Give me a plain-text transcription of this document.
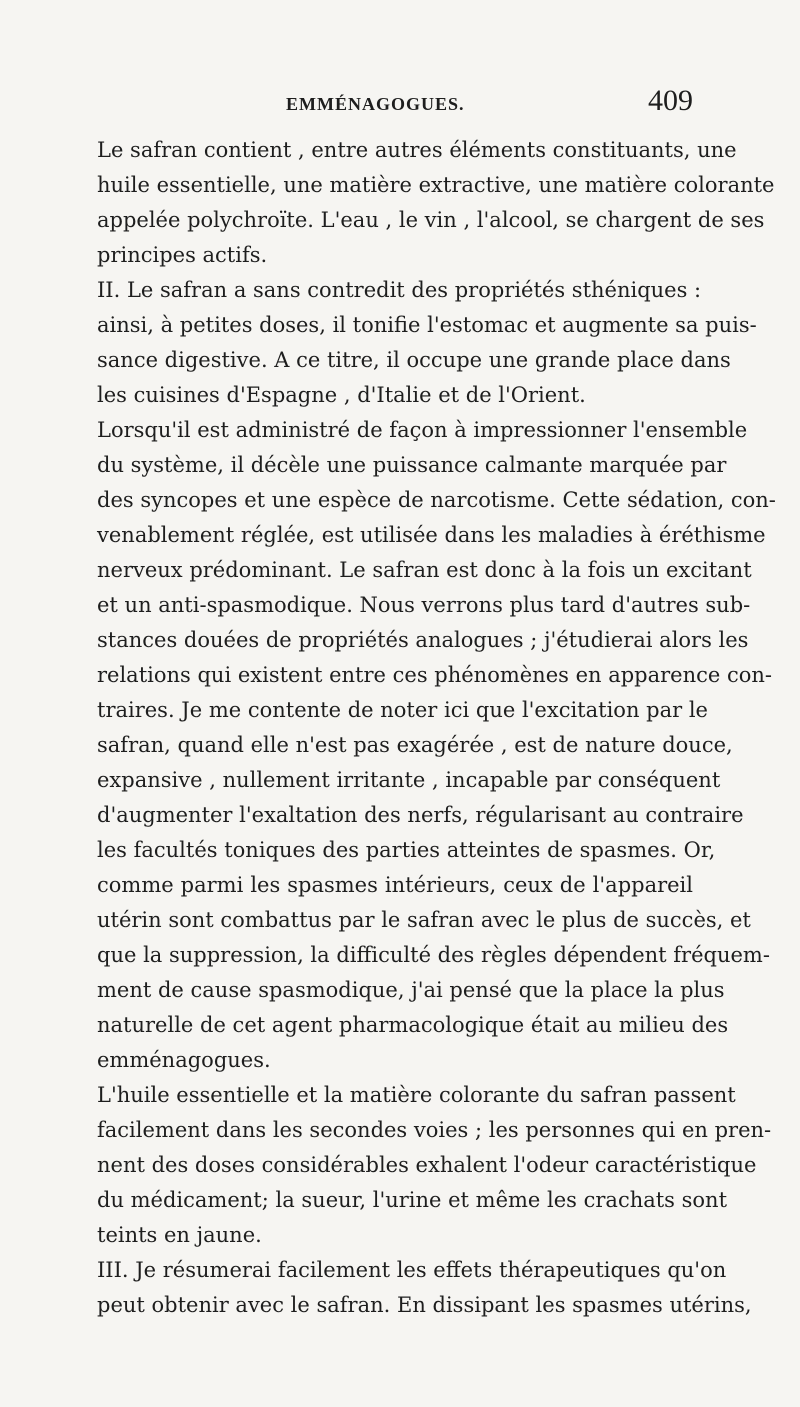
EMMÉNAGOGUES.	409
Le safran contient , entre autres éléments constituants, une
huile essentielle, une matière extractive, une matière colorante
appelée polychroïte. L'eau , le vin , l'alcool, se chargent de ses
principes actifs.
II. Le safran a sans contredit des propriétés sthéniques :
ainsi, à petites doses, il tonifie l'estomac et augmente sa puis-
sance digestive. A ce titre, il occupe une grande place dans
les cuisines d'Espagne , d'Italie et de l'Orient.
Lorsqu'il est administré de façon à impressionner l'ensemble
du système, il décèle une puissance calmante marquée par
des syncopes et une espèce de narcotisme. Cette sédation, con-
venablement réglée, est utilisée dans les maladies à éréthisme
nerveux prédominant. Le safran est donc à la fois un excitant
et un anti-spasmodique. Nous verrons plus tard d'autres sub-
stances douées de propriétés analogues ; j'étudierai alors les
relations qui existent entre ces phénomènes en apparence con-
traires. Je me contente de noter ici que l'excitation par le
safran, quand elle n'est pas exagérée , est de nature douce,
expansive , nullement irritante , incapable par conséquent
d'augmenter l'exaltation des nerfs, régularisant au contraire
les facultés toniques des parties atteintes de spasmes. Or,
comme parmi les spasmes intérieurs, ceux de l'appareil
utérin sont combattus par le safran avec le plus de succès, et
que la suppression, la difficulté des règles dépendent fréquem-
ment de cause spasmodique, j'ai pensé que la place la plus
naturelle de cet agent pharmacologique était au milieu des
emménagogues.
L'huile essentielle et la matière colorante du safran passent
facilement dans les secondes voies ; les personnes qui en pren-
nent des doses considérables exhalent l'odeur caractéristique
du médicament; la sueur, l'urine et même les crachats sont
teints en jaune.
III. Je résumerai facilement les effets thérapeutiques qu'on
peut obtenir avec le safran. En dissipant les spasmes utérins,
